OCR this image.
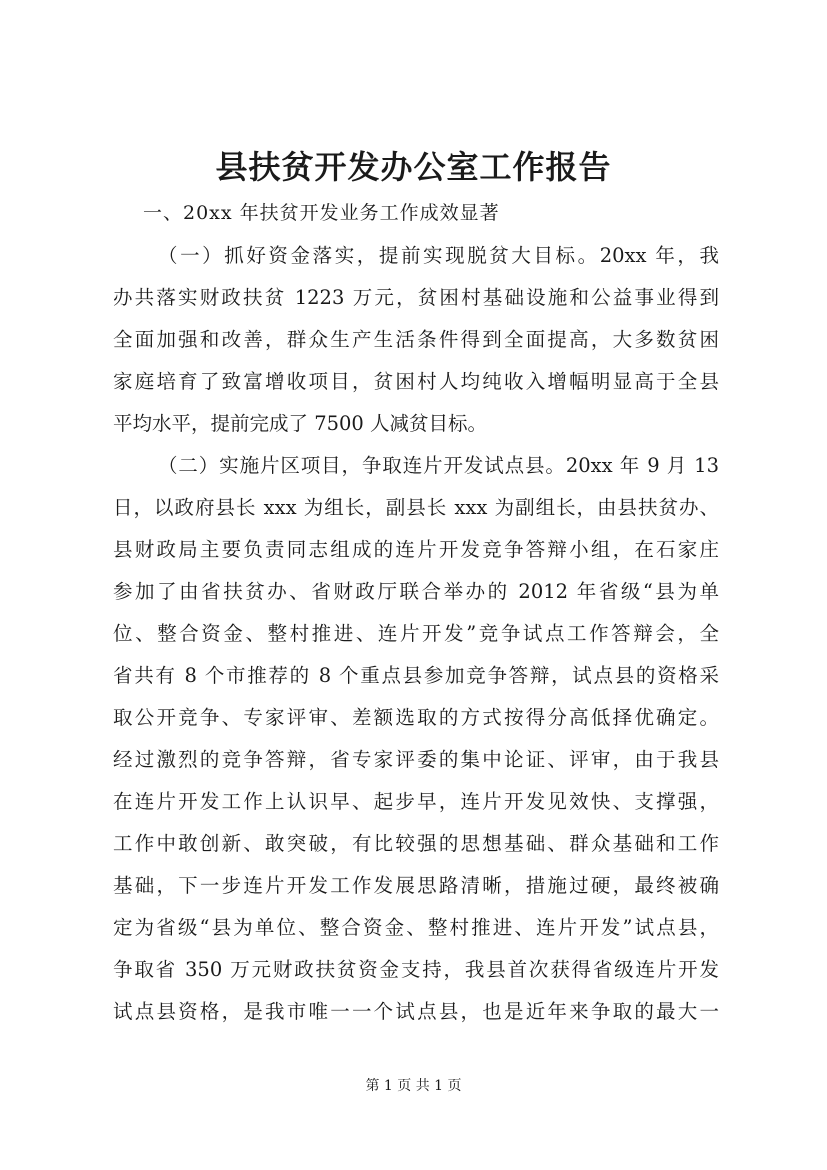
县扶贫开发办公室工作报告
一、20xx 年扶贫开发业务工作成效显著
（一）抓好资金落实，提前实现脱贫大目标。20xx 年，我
办共落实财政扶贫 1223 万元，贫困村基础设施和公益事业得到
全面加强和改善，群众生产生活条件得到全面提高，大多数贫困
家庭培育了致富增收项目，贫困村人均纯收入增幅明显高于全县
平均水平，提前完成了 7500 人减贫目标。
（二）实施片区项目，争取连片开发试点县。20xx 年 9 月 13
日，以政府县长 xxx 为组长，副县长 xxx 为副组长，由县扶贫办、
县财政局主要负责同志组成的连片开发竞争答辩小组，在石家庄
参加了由省扶贫办、省财政厅联合举办的 2012 年省级“县为单
位、整合资金、整村推进、连片开发”竞争试点工作答辩会，全
省共有 8 个市推荐的 8 个重点县参加竞争答辩，试点县的资格采
取公开竞争、专家评审、差额选取的方式按得分高低择优确定。
经过激烈的竞争答辩，省专家评委的集中论证、评审，由于我县
在连片开发工作上认识早、起步早，连片开发见效快、支撑强，
工作中敢创新、敢突破，有比较强的思想基础、群众基础和工作
基础，下一步连片开发工作发展思路清晰，措施过硬，最终被确
定为省级“县为单位、整合资金、整村推进、连片开发”试点县，
争取省 350 万元财政扶贫资金支持，我县首次获得省级连片开发
试点县资格，是我市唯一一个试点县，也是近年来争取的最大一
第 1 页 共 1 页
